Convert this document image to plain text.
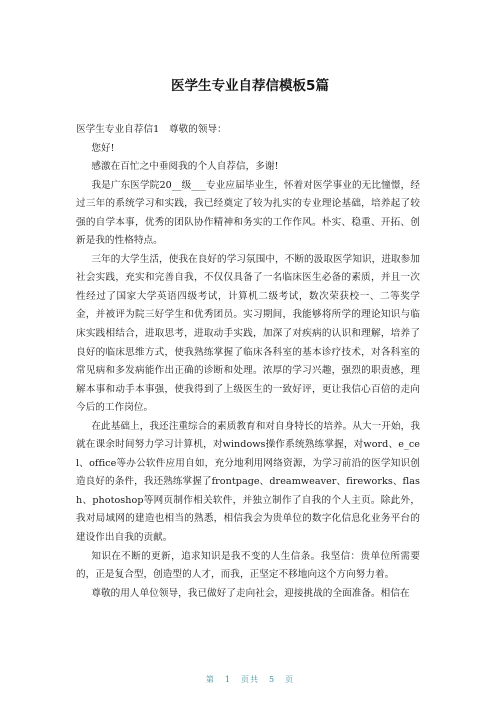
医学生专业自荐信模板5篇

医学生专业自荐信1　尊敬的领导：

您好!

感激在百忙之中垂阅我的个人自荐信，多谢!

我是广东医学院20__级___专业应届毕业生，怀着对医学事业的无比憧憬，经过三年的系统学习和实践，我已经奠定了较为扎实的专业理论基础，培养起了较强的自学本事，优秀的团队协作精神和务实的工作作风。朴实、稳重、开拓、创新是我的性格特点。

三年的大学生活，使我在良好的学习氛围中，不断的汲取医学知识，进取参加社会实践，充实和完善自我，不仅仅具备了一名临床医生必备的素质，并且一次性经过了国家大学英语四级考试，计算机二级考试，数次荣获校一、二等奖学金，并被评为院三好学生和优秀团员。实习期间，我能够将所学的理论知识与临床实践相结合，进取思考，进取动手实践，加深了对疾病的认识和理解，培养了良好的临床思维方式，使我熟练掌握了临床各科室的基本诊疗技术，对各科室的常见病和多发病能作出正确的诊断和处理。浓厚的学习兴趣，强烈的职责感，理解本事和动手本事强，使我得到了上级医生的一致好评，更让我信心百倍的走向今后的工作岗位。

在此基础上，我还注重综合的素质教育和对自身特长的培养。从大一开始，我就在课余时间努力学习计算机，对windows操作系统熟练掌握，对word、e_cel、office等办公软件应用自如，充分地利用网络资源，为学习前沿的医学知识创造良好的条件，我还熟练掌握了frontpage、dreamweaver、fireworks、flash、photoshop等网页制作相关软件，并独立制作了自我的个人主页。除此外，我对局域网的建造也相当的熟悉，相信我会为贵单位的数字化信息化业务平台的建设作出自我的贡献。

知识在不断的更新，追求知识是我不变的人生信条。我坚信：贵单位所需要的，正是复合型，创造型的人才，而我，正坚定不移地向这个方向努力着。

尊敬的用人单位领导，我已做好了走向社会，迎接挑战的全面准备。相信在

第 1 页共 5 页
